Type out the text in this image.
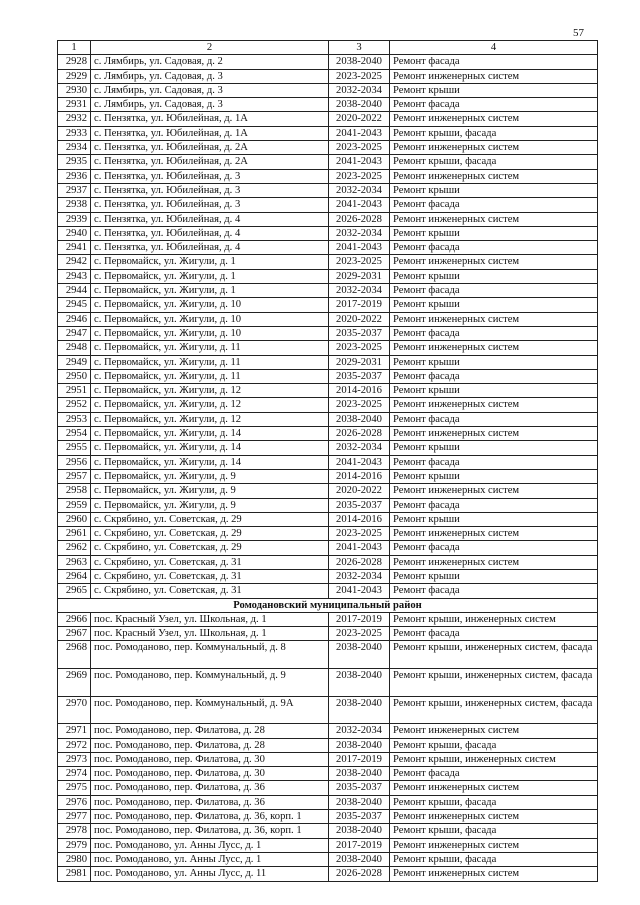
57
1	2	3	4
2928	с. Лямбирь, ул. Садовая, д. 2	2038-2040	Ремонт фасада
2929	с. Лямбирь, ул. Садовая, д. 3	2023-2025	Ремонт инженерных систем
2930	с. Лямбирь, ул. Садовая, д. 3	2032-2034	Ремонт крыши
2931	с. Лямбирь, ул. Садовая, д. 3	2038-2040	Ремонт фасада
2932	с. Пензятка, ул. Юбилейная, д. 1А	2020-2022	Ремонт инженерных систем
2933	с. Пензятка, ул. Юбилейная, д. 1А	2041-2043	Ремонт крыши, фасада
2934	с. Пензятка, ул. Юбилейная, д. 2А	2023-2025	Ремонт инженерных систем
2935	с. Пензятка, ул. Юбилейная, д. 2А	2041-2043	Ремонт крыши, фасада
2936	с. Пензятка, ул. Юбилейная, д. 3	2023-2025	Ремонт инженерных систем
2937	с. Пензятка, ул. Юбилейная, д. 3	2032-2034	Ремонт крыши
2938	с. Пензятка, ул. Юбилейная, д. 3	2041-2043	Ремонт фасада
2939	с. Пензятка, ул. Юбилейная, д. 4	2026-2028	Ремонт инженерных систем
2940	с. Пензятка, ул. Юбилейная, д. 4	2032-2034	Ремонт крыши
2941	с. Пензятка, ул. Юбилейная, д. 4	2041-2043	Ремонт фасада
2942	с. Первомайск, ул. Жигули, д. 1	2023-2025	Ремонт инженерных систем
2943	с. Первомайск, ул. Жигули, д. 1	2029-2031	Ремонт крыши
2944	с. Первомайск, ул. Жигули, д. 1	2032-2034	Ремонт фасада
2945	с. Первомайск, ул. Жигули, д. 10	2017-2019	Ремонт крыши
2946	с. Первомайск, ул. Жигули, д. 10	2020-2022	Ремонт инженерных систем
2947	с. Первомайск, ул. Жигули, д. 10	2035-2037	Ремонт фасада
2948	с. Первомайск, ул. Жигули, д. 11	2023-2025	Ремонт инженерных систем
2949	с. Первомайск, ул. Жигули, д. 11	2029-2031	Ремонт крыши
2950	с. Первомайск, ул. Жигули, д. 11	2035-2037	Ремонт фасада
2951	с. Первомайск, ул. Жигули, д. 12	2014-2016	Ремонт крыши
2952	с. Первомайск, ул. Жигули, д. 12	2023-2025	Ремонт инженерных систем
2953	с. Первомайск, ул. Жигули, д. 12	2038-2040	Ремонт фасада
2954	с. Первомайск, ул. Жигули, д. 14	2026-2028	Ремонт инженерных систем
2955	с. Первомайск, ул. Жигули, д. 14	2032-2034	Ремонт крыши
2956	с. Первомайск, ул. Жигули, д. 14	2041-2043	Ремонт фасада
2957	с. Первомайск, ул. Жигули, д. 9	2014-2016	Ремонт крыши
2958	с. Первомайск, ул. Жигули, д. 9	2020-2022	Ремонт инженерных систем
2959	с. Первомайск, ул. Жигули, д. 9	2035-2037	Ремонт фасада
2960	с. Скрябино, ул. Советская, д. 29	2014-2016	Ремонт крыши
2961	с. Скрябино, ул. Советская, д. 29	2023-2025	Ремонт инженерных систем
2962	с. Скрябино, ул. Советская, д. 29	2041-2043	Ремонт фасада
2963	с. Скрябино, ул. Советская, д. 31	2026-2028	Ремонт инженерных систем
2964	с. Скрябино, ул. Советская, д. 31	2032-2034	Ремонт крыши
2965	с. Скрябино, ул. Советская, д. 31	2041-2043	Ремонт фасада
Ромодановский муниципальный район			
2966	пос. Красный Узел, ул. Школьная, д. 1	2017-2019	Ремонт крыши, инженерных систем
2967	пос. Красный Узел, ул. Школьная, д. 1	2023-2025	Ремонт фасада
2968	пос. Ромоданово, пер. Коммунальный, д. 8	2038-2040	Ремонт крыши, инженерных систем, фасада
2969	пос. Ромоданово, пер. Коммунальный, д. 9	2038-2040	Ремонт крыши, инженерных систем, фасада
2970	пос. Ромоданово, пер. Коммунальный, д. 9А	2038-2040	Ремонт крыши, инженерных систем, фасада
2971	пос. Ромоданово, пер. Филатова, д. 28	2032-2034	Ремонт инженерных систем
2972	пос. Ромоданово, пер. Филатова, д. 28	2038-2040	Ремонт крыши, фасада
2973	пос. Ромоданово, пер. Филатова, д. 30	2017-2019	Ремонт крыши, инженерных систем
2974	пос. Ромоданово, пер. Филатова, д. 30	2038-2040	Ремонт фасада
2975	пос. Ромоданово, пер. Филатова, д. 36	2035-2037	Ремонт инженерных систем
2976	пос. Ромоданово, пер. Филатова, д. 36	2038-2040	Ремонт крыши, фасада
2977	пос. Ромоданово, пер. Филатова, д. 36, корп. 1	2035-2037	Ремонт инженерных систем
2978	пос. Ромоданово, пер. Филатова, д. 36, корп. 1	2038-2040	Ремонт крыши, фасада
2979	пос. Ромоданово, ул. Анны Лусс, д. 1	2017-2019	Ремонт инженерных систем
2980	пос. Ромоданово, ул. Анны Лусс, д. 1	2038-2040	Ремонт крыши, фасада
2981	пос. Ромоданово, ул. Анны Лусс, д. 11	2026-2028	Ремонт инженерных систем
